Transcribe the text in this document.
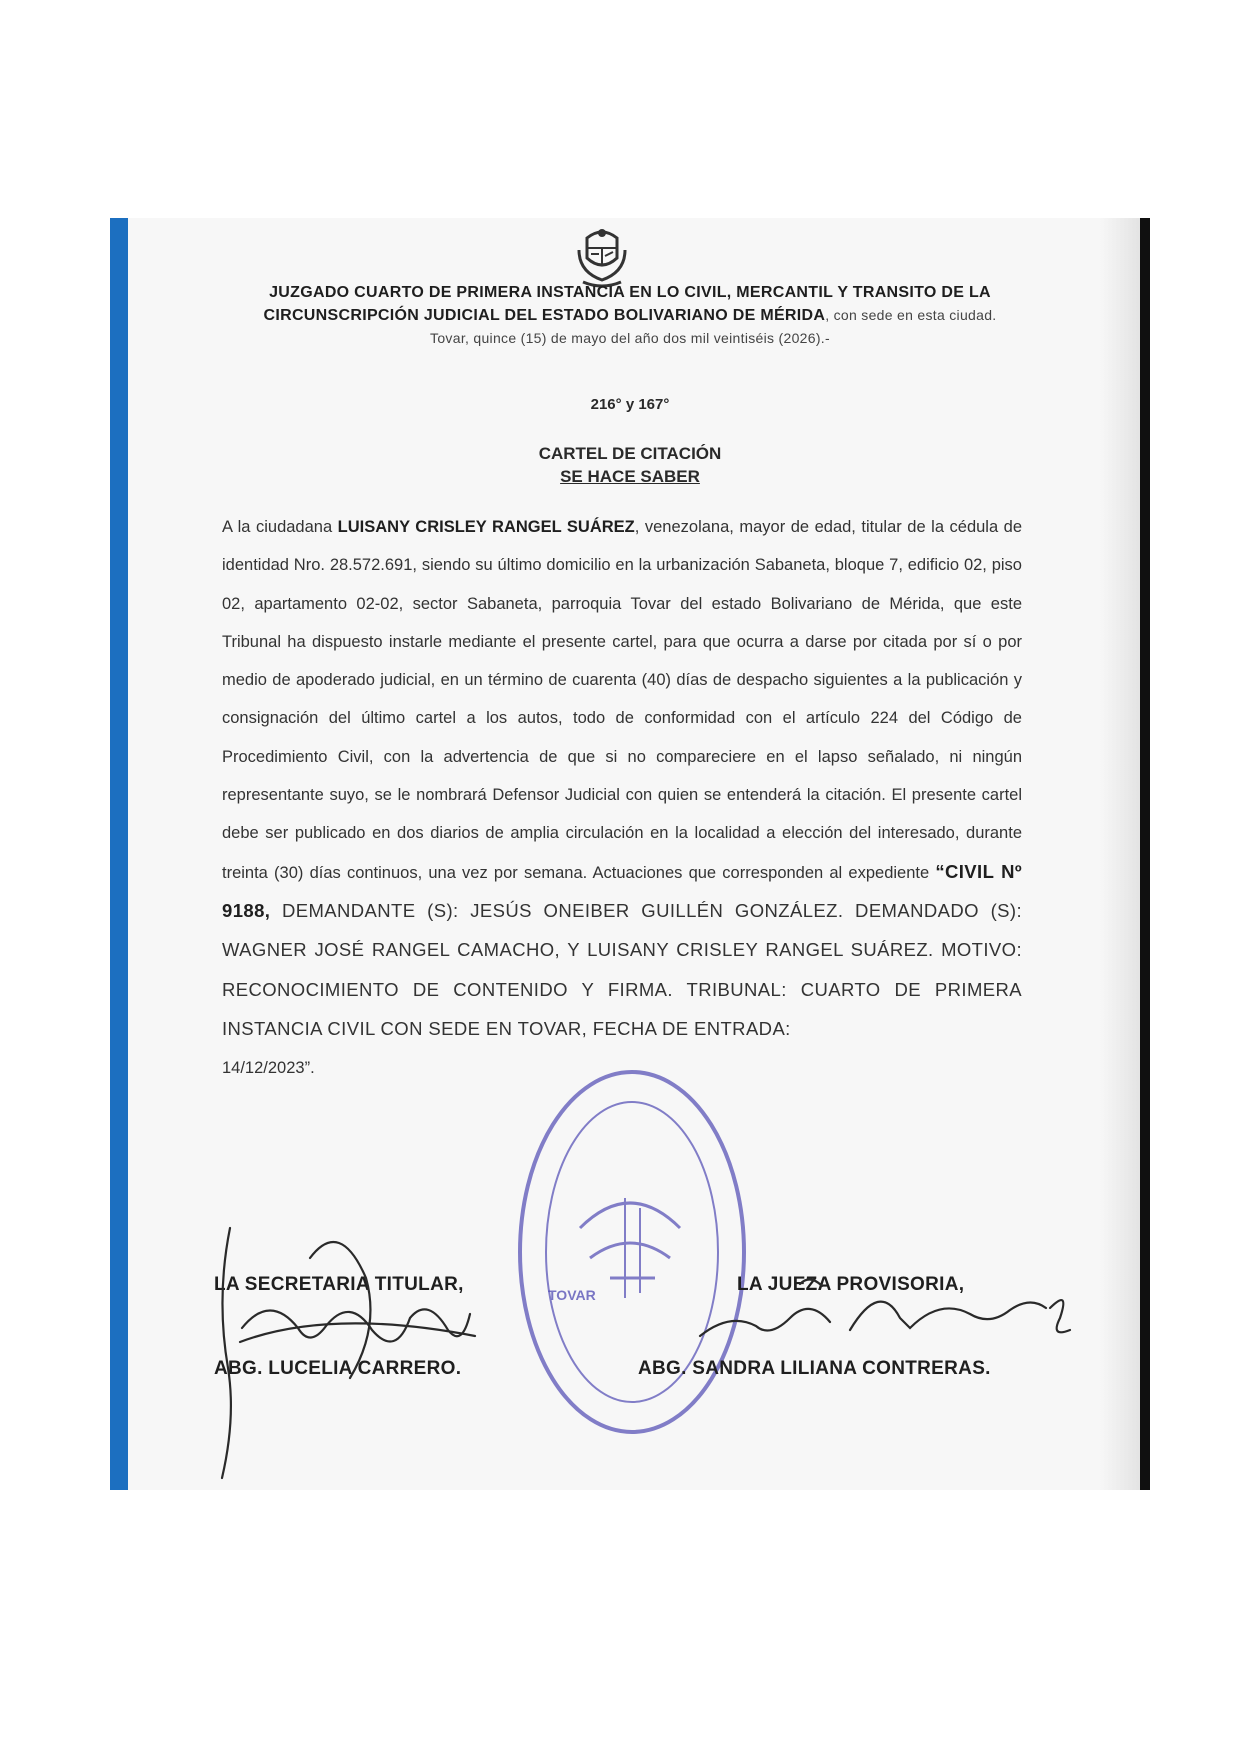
JUZGADO CUARTO DE PRIMERA INSTANCIA EN LO CIVIL, MERCANTIL Y TRANSITO DE LA CIRCUNSCRIPCIÓN JUDICIAL DEL ESTADO BOLIVARIANO DE MÉRIDA, con sede en esta ciudad. Tovar, quince (15) de mayo del año dos mil veintiséis (2026).-
216° y 167°
CARTEL DE CITACIÓN
SE HACE SABER
A la ciudadana LUISANY CRISLEY RANGEL SUÁREZ, venezolana, mayor de edad, titular de la cédula de identidad Nro. 28.572.691, siendo su último domicilio en la urbanización Sabaneta, bloque 7, edificio 02, piso 02, apartamento 02-02, sector Sabaneta, parroquia Tovar del estado Bolivariano de Mérida, que este Tribunal ha dispuesto instarle mediante el presente cartel, para que ocurra a darse por citada por sí o por medio de apoderado judicial, en un término de cuarenta (40) días de despacho siguientes a la publicación y consignación del último cartel a los autos, todo de conformidad con el artículo 224 del Código de Procedimiento Civil, con la advertencia de que si no compareciere en el lapso señalado, ni ningún representante suyo, se le nombrará Defensor Judicial con quien se entenderá la citación. El presente cartel debe ser publicado en dos diarios de amplia circulación en la localidad a elección del interesado, durante treinta (30) días continuos, una vez por semana. Actuaciones que corresponden al expediente “CIVIL Nº 9188, DEMANDANTE (S): JESÚS ONEIBER GUILLÉN GONZÁLEZ. DEMANDADO (S): WAGNER JOSÉ RANGEL CAMACHO, Y LUISANY CRISLEY RANGEL SUÁREZ. MOTIVO: RECONOCIMIENTO DE CONTENIDO Y FIRMA. TRIBUNAL: CUARTO DE PRIMERA INSTANCIA CIVIL CON SEDE EN TOVAR, FECHA DE ENTRADA:
14/12/2023”.
TOVAR
LA SECRETARIA TITULAR,
ABG. LUCELIA CARRERO.
LA JUEZA PROVISORIA,
ABG. SANDRA LILIANA CONTRERAS.
